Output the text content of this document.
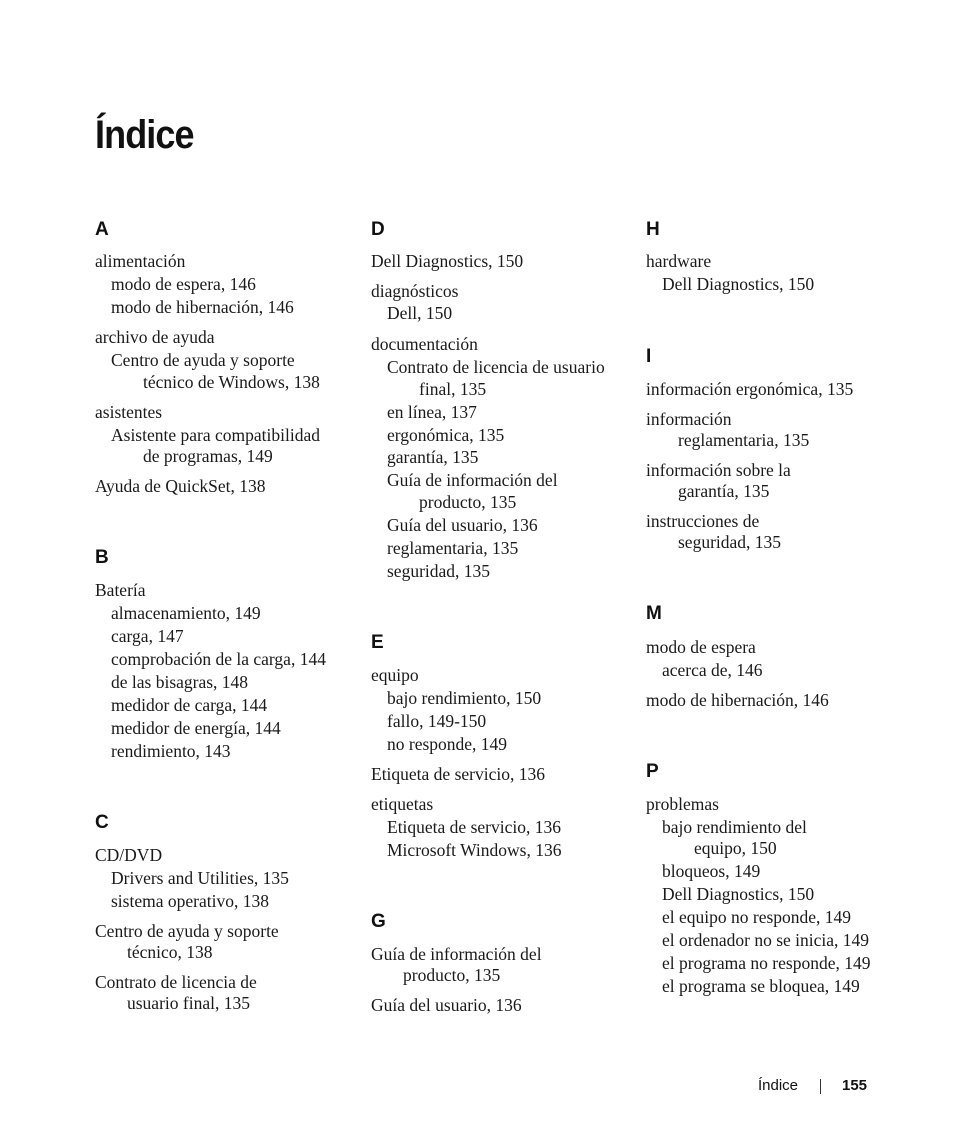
Índice
A
alimentación
modo de espera, 146
modo de hibernación, 146
archivo de ayuda
Centro de ayuda y soporte
técnico de Windows, 138
asistentes
Asistente para compatibilidad
de programas, 149
Ayuda de QuickSet, 138
B
Batería
almacenamiento, 149
carga, 147
comprobación de la carga, 144
de las bisagras, 148
medidor de carga, 144
medidor de energía, 144
rendimiento, 143
C
CD/DVD
Drivers and Utilities, 135
sistema operativo, 138
Centro de ayuda y soporte
técnico, 138
Contrato de licencia de
usuario final, 135
D
Dell Diagnostics, 150
diagnósticos
Dell, 150
documentación
Contrato de licencia de usuario
final, 135
en línea, 137
ergonómica, 135
garantía, 135
Guía de información del
producto, 135
Guía del usuario, 136
reglamentaria, 135
seguridad, 135
E
equipo
bajo rendimiento, 150
fallo, 149-150
no responde, 149
Etiqueta de servicio, 136
etiquetas
Etiqueta de servicio, 136
Microsoft Windows, 136
G
Guía de información del
producto, 135
Guía del usuario, 136
H
hardware
Dell Diagnostics, 150
I
información ergonómica, 135
información
reglamentaria, 135
información sobre la
garantía, 135
instrucciones de
seguridad, 135
M
modo de espera
acerca de, 146
modo de hibernación, 146
P
problemas
bajo rendimiento del
equipo, 150
bloqueos, 149
Dell Diagnostics, 150
el equipo no responde, 149
el ordenador no se inicia, 149
el programa no responde, 149
el programa se bloquea, 149
Índice	155
